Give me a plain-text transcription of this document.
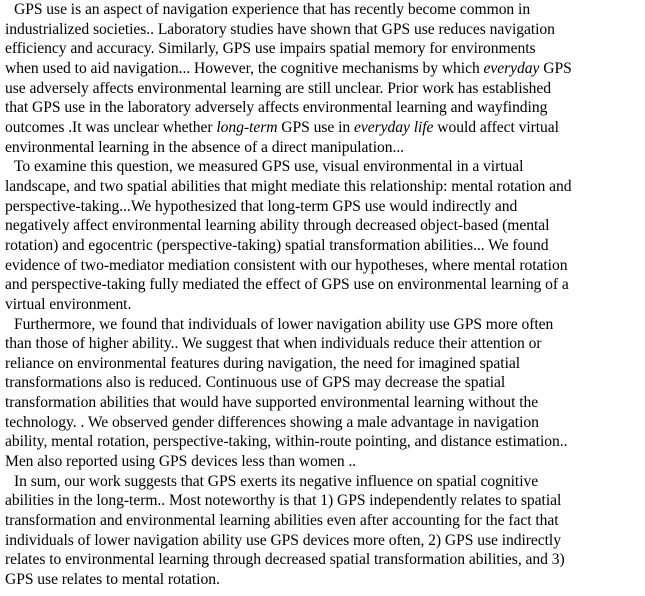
GPS use is an aspect of navigation experience that has recently become common in
industrialized societies.. Laboratory studies have shown that GPS use reduces navigation
efficiency and accuracy. Similarly, GPS use impairs spatial memory for environments
when used to aid navigation... However, the cognitive mechanisms by which everyday GPS
use adversely affects environmental learning are still unclear. Prior work has established
that GPS use in the laboratory adversely affects environmental learning and wayfinding
outcomes .It was unclear whether long-term GPS use in everyday life would affect virtual
environmental learning in the absence of a direct manipulation...
To examine this question, we measured GPS use, visual environmental in a virtual
landscape, and two spatial abilities that might mediate this relationship: mental rotation and
perspective-taking...We hypothesized that long-term GPS use would indirectly and
negatively affect environmental learning ability through decreased object-based (mental
rotation) and egocentric (perspective-taking) spatial transformation abilities... We found
evidence of two-mediator mediation consistent with our hypotheses, where mental rotation
and perspective-taking fully mediated the effect of GPS use on environmental learning of a
virtual environment.
Furthermore, we found that individuals of lower navigation ability use GPS more often
than those of higher ability.. We suggest that when individuals reduce their attention or
reliance on environmental features during navigation, the need for imagined spatial
transformations also is reduced. Continuous use of GPS may decrease the spatial
transformation abilities that would have supported environmental learning without the
technology. . We observed gender differences showing a male advantage in navigation
ability, mental rotation, perspective-taking, within-route pointing, and distance estimation..
Men also reported using GPS devices less than women ..
In sum, our work suggests that GPS exerts its negative influence on spatial cognitive
abilities in the long-term.. Most noteworthy is that 1) GPS independently relates to spatial
transformation and environmental learning abilities even after accounting for the fact that
individuals of lower navigation ability use GPS devices more often, 2) GPS use indirectly
relates to environmental learning through decreased spatial transformation abilities, and 3)
GPS use relates to mental rotation.
